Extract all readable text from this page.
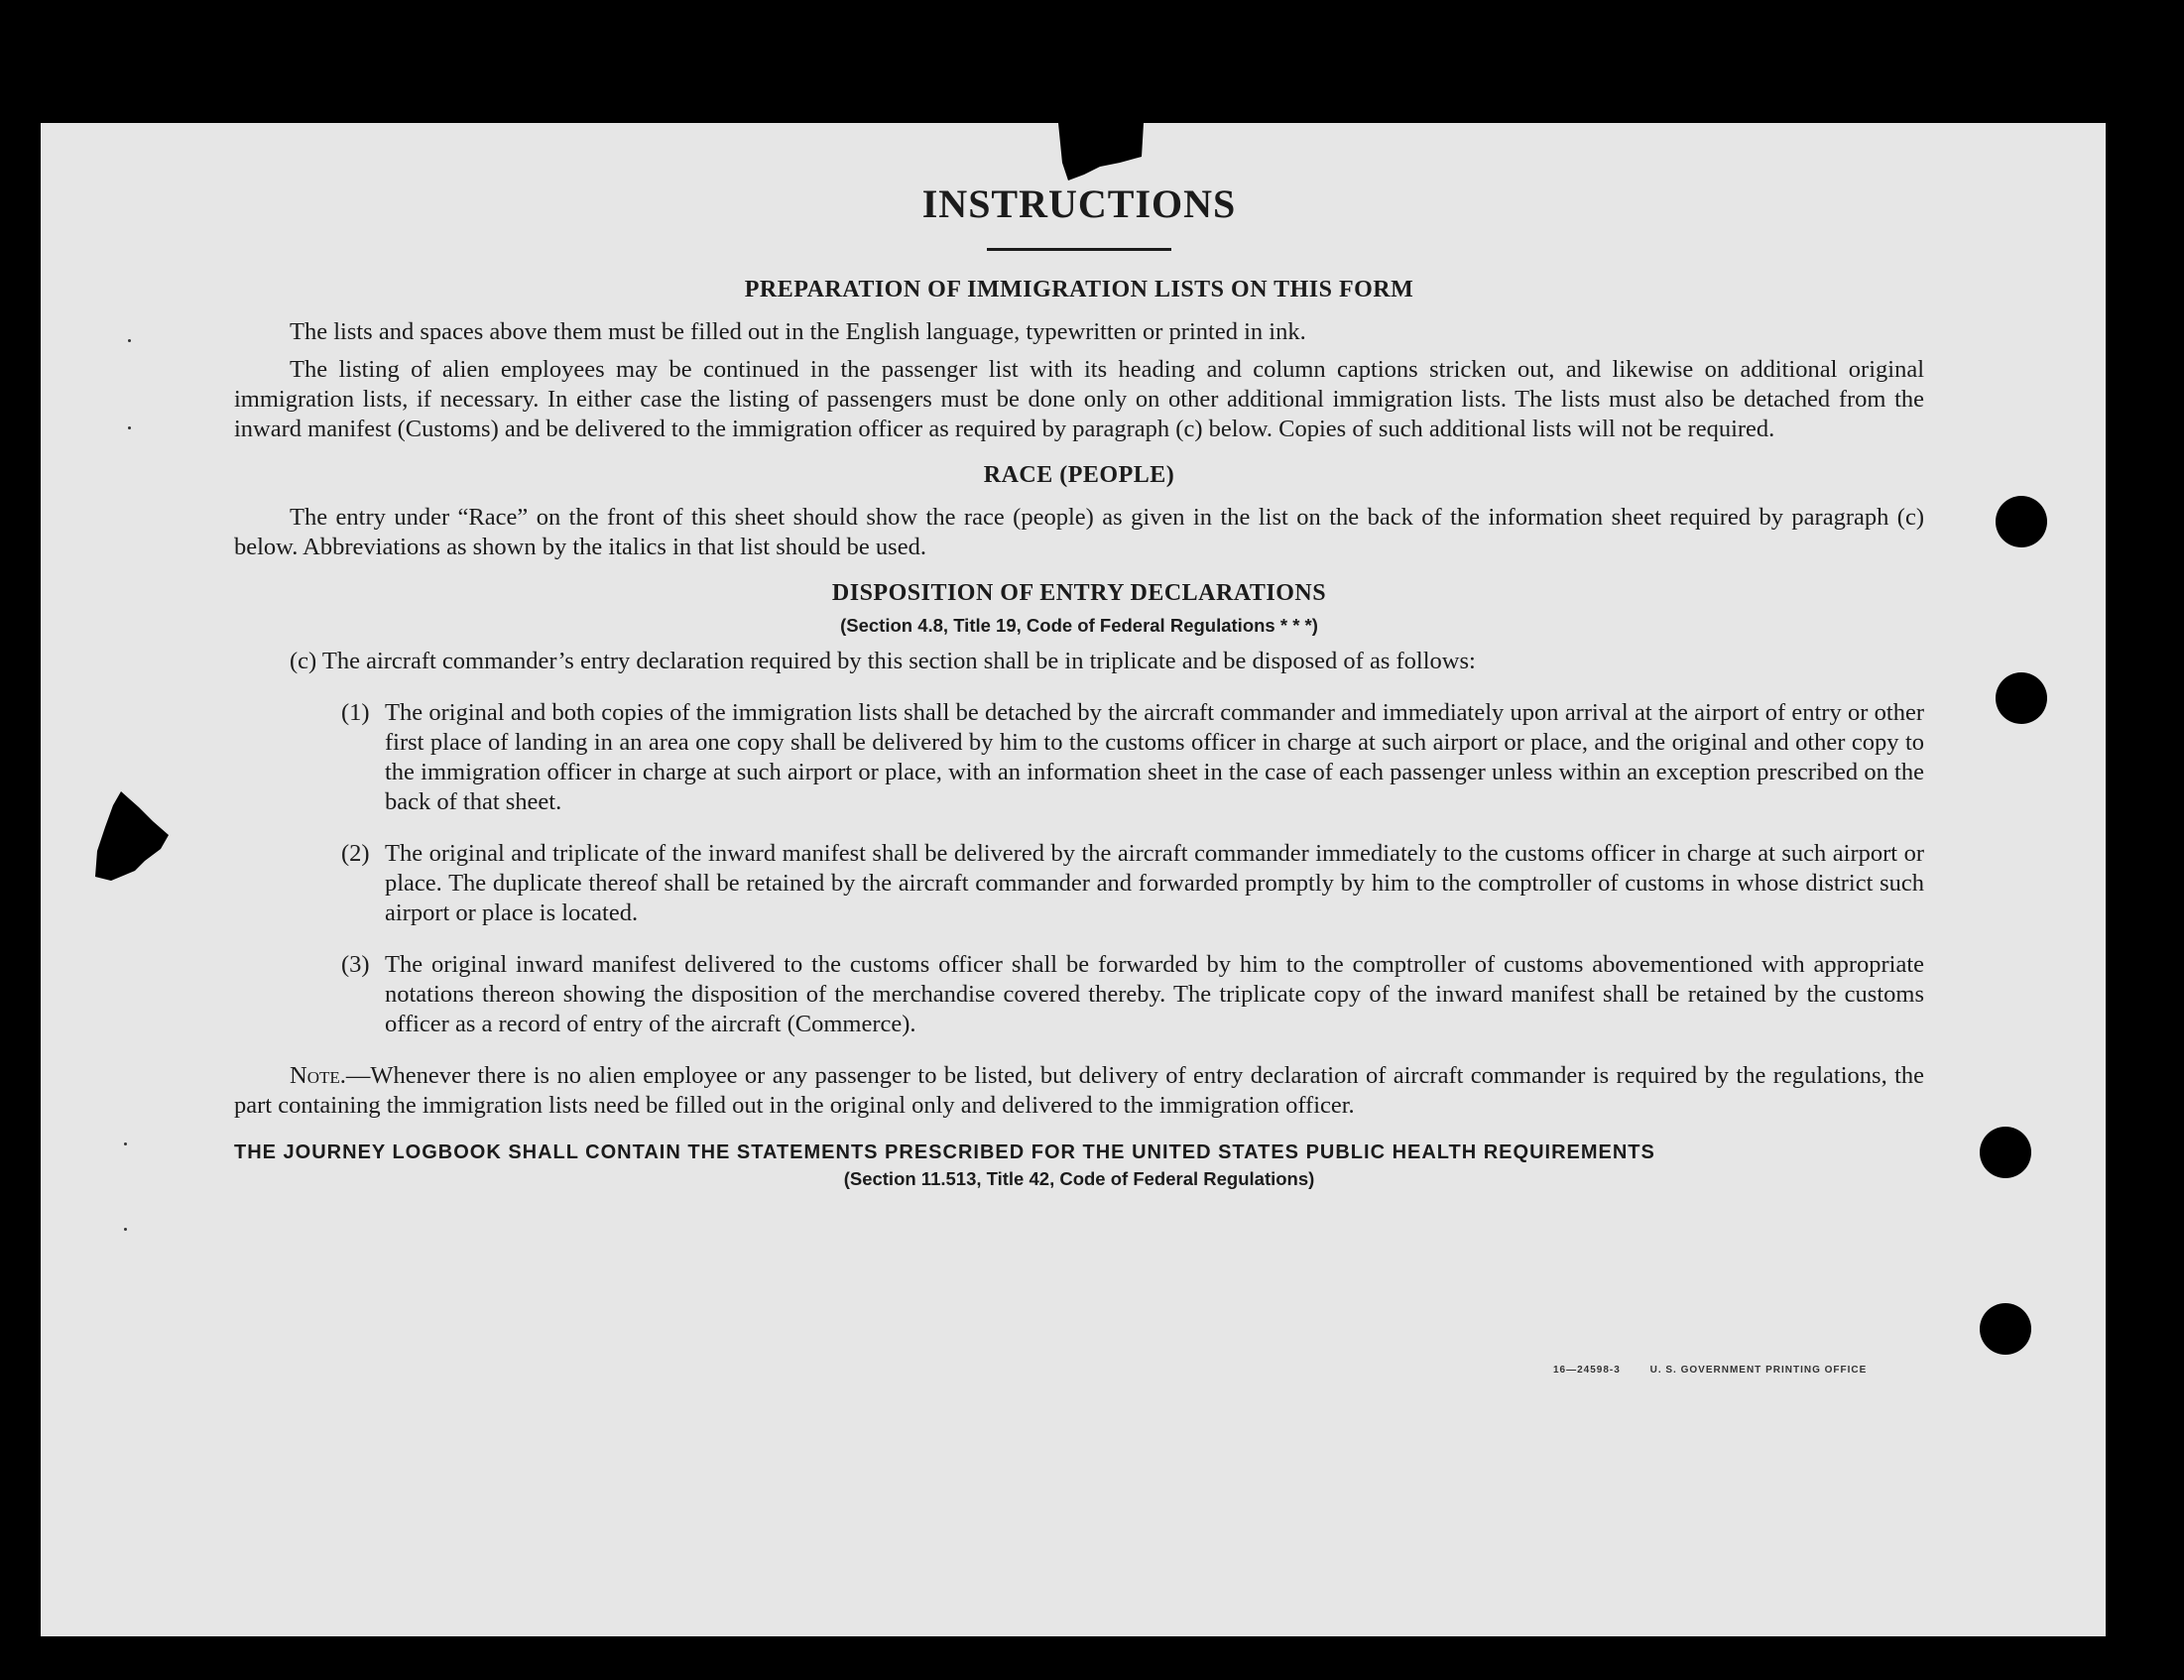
INSTRUCTIONS
PREPARATION OF IMMIGRATION LISTS ON THIS FORM

The lists and spaces above them must be filled out in the English language, typewritten or printed in ink.

The listing of alien employees may be continued in the passenger list with its heading and column captions stricken out, and likewise on additional original immigration lists, if necessary. In either case the listing of passengers must be done only on other additional immigration lists. The lists must also be detached from the inward manifest (Customs) and be delivered to the immigration officer as required by paragraph (c) below. Copies of such additional lists will not be required.

RACE (PEOPLE)

The entry under “Race” on the front of this sheet should show the race (people) as given in the list on the back of the information sheet required by paragraph (c) below. Abbreviations as shown by the italics in that list should be used.

DISPOSITION OF ENTRY DECLARATIONS
(Section 4.8, Title 19, Code of Federal Regulations * * *)
(c) The aircraft commander’s entry declaration required by this section shall be in triplicate and be disposed of as follows:
(1) The original and both copies of the immigration lists shall be detached by the aircraft commander and immediately upon arrival at the airport of entry or other first place of landing in an area one copy shall be delivered by him to the customs officer in charge at such airport or place, and the original and other copy to the immigration officer in charge at such airport or place, with an information sheet in the case of each passenger unless within an exception prescribed on the back of that sheet.
(2) The original and triplicate of the inward manifest shall be delivered by the aircraft commander immediately to the customs officer in charge at such airport or place. The duplicate thereof shall be retained by the aircraft commander and forwarded promptly by him to the comptroller of customs in whose district such airport or place is located.
(3) The original inward manifest delivered to the customs officer shall be forwarded by him to the comptroller of customs abovementioned with appropriate notations thereon showing the disposition of the merchandise covered thereby. The triplicate copy of the inward manifest shall be retained by the customs officer as a record of entry of the aircraft (Commerce).

Note.—Whenever there is no alien employee or any passenger to be listed, but delivery of entry declaration of aircraft commander is required by the regulations, the part containing the immigration lists need be filled out in the original only and delivered to the immigration officer.

THE JOURNEY LOGBOOK SHALL CONTAIN THE STATEMENTS PRESCRIBED FOR THE UNITED STATES PUBLIC HEALTH REQUIREMENTS
(Section 11.513, Title 42, Code of Federal Regulations)
16—24598-3	U. S. GOVERNMENT PRINTING OFFICE
